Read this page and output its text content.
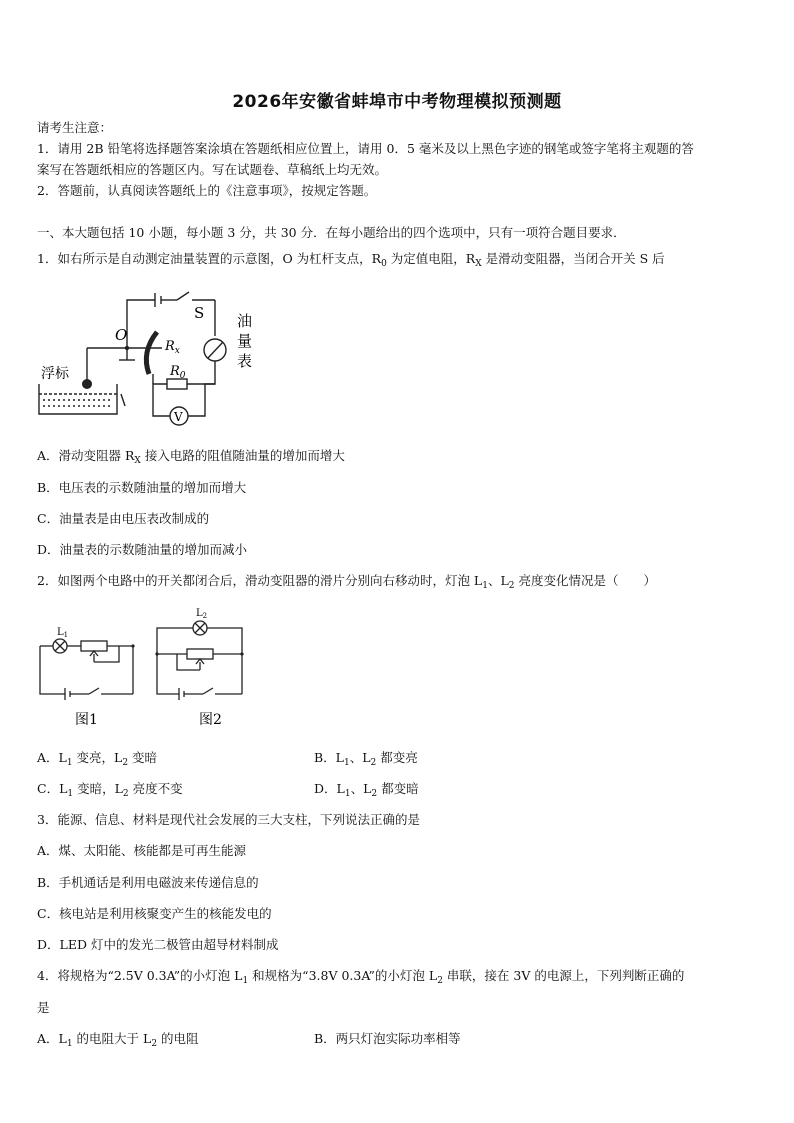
2026年安徽省蚌埠市中考物理模拟预测题
请考生注意：
1．请用 2B 铅笔将选择题答案涂填在答题纸相应位置上，请用 0．5 毫米及以上黑色字迹的钢笔或签字笔将主观题的答
案写在答题纸相应的答题区内。写在试题卷、草稿纸上均无效。
2．答题前，认真阅读答题纸上的《注意事项》，按规定答题。
一、本大题包括 10 小题，每小题 3 分，共 30 分．在每小题给出的四个选项中，只有一项符合题目要求．
1．如右所示是自动测定油量装置的示意图，O 为杠杆支点，$R_0$ 为定值电阻，$R_X$ 是滑动变阻器，当闭合开关 S 后
S
O
$R_x$
$R_0$
V
浮标
油
量
表
A．滑动变阻器 $R_X$ 接入电路的阻值随油量的增加而增大
B．电压表的示数随油量的增加而增大
C．油量表是由电压表改制成的
D．油量表的示数随油量的增加而减小
2．如图两个电路中的开关都闭合后，滑动变阻器的滑片分别向右移动时，灯泡 $L_1$、$L_2$ 亮度变化情况是（　　）
$L_1$
$L_2$
图1	图2
A．$L_1$ 变亮，$L_2$ 变暗	B．$L_1$、$L_2$ 都变亮
C．$L_1$ 变暗，$L_2$ 亮度不变	D．$L_1$、$L_2$ 都变暗
3．能源、信息、材料是现代社会发展的三大支柱，下列说法正确的是
A．煤、太阳能、核能都是可再生能源
B．手机通话是利用电磁波来传递信息的
C．核电站是利用核聚变产生的核能发电的
D．LED 灯中的发光二极管由超导材料制成
4．将规格为“2.5V 0.3A”的小灯泡 $L_1$ 和规格为“3.8V 0.3A”的小灯泡 $L_2$ 串联，接在 3V 的电源上，下列判断正确的
是
A．$L_1$ 的电阻大于 $L_2$ 的电阻	B．两只灯泡实际功率相等
